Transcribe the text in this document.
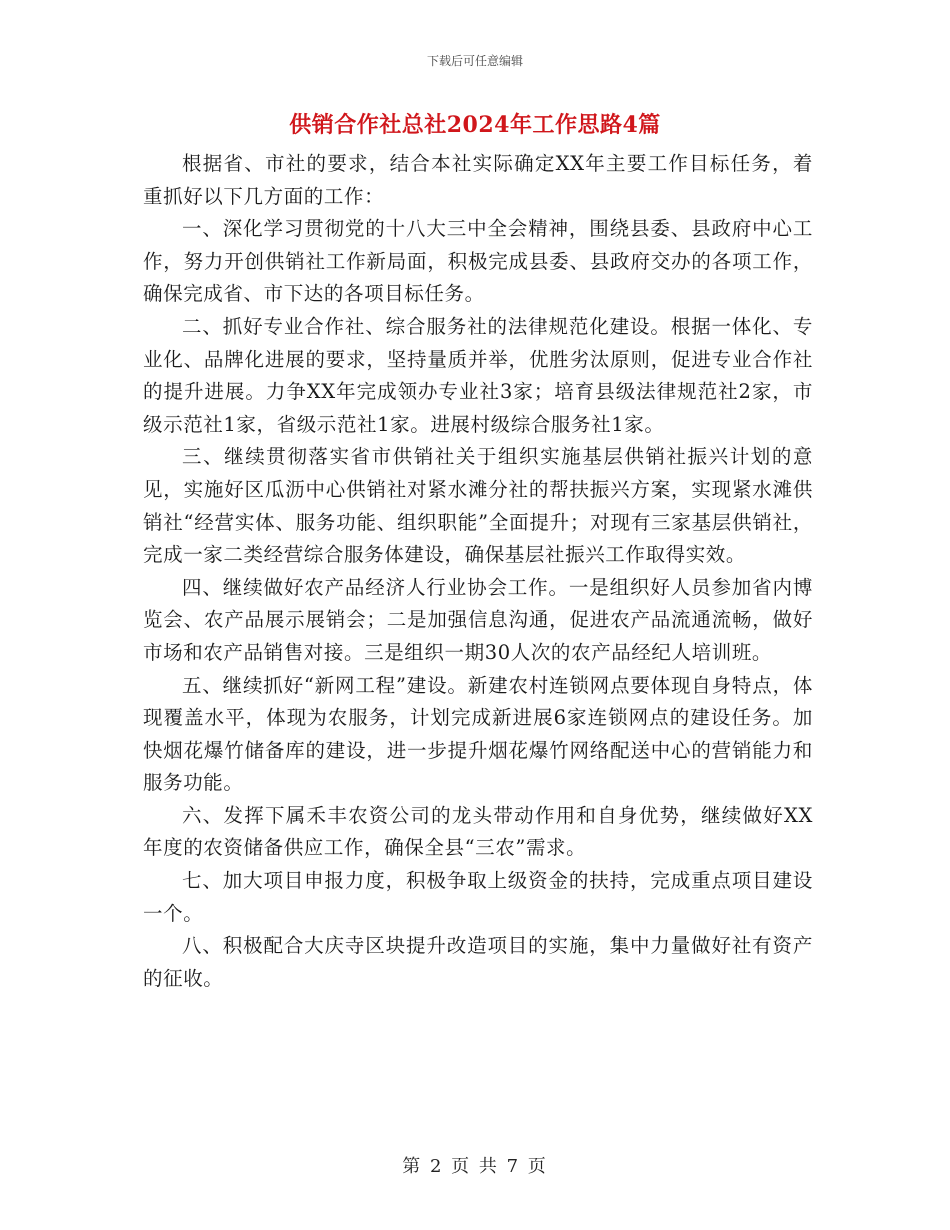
下载后可任意编辑
供销合作社总社2024年工作思路4篇

根据省、市社的要求，结合本社实际确定XX年主要工作目标任务，着重抓好以下几方面的工作：

一、深化学习贯彻党的十八大三中全会精神，围绕县委、县政府中心工作，努力开创供销社工作新局面，积极完成县委、县政府交办的各项工作，确保完成省、市下达的各项目标任务。

二、抓好专业合作社、综合服务社的法律规范化建设。根据一体化、专业化、品牌化进展的要求，坚持量质并举，优胜劣汰原则，促进专业合作社的提升进展。力争XX年完成领办专业社3家；培育县级法律规范社2家，市级示范社1家，省级示范社1家。进展村级综合服务社1家。

三、继续贯彻落实省市供销社关于组织实施基层供销社振兴计划的意见，实施好区瓜沥中心供销社对紧水滩分社的帮扶振兴方案，实现紧水滩供销社“经营实体、服务功能、组织职能”全面提升；对现有三家基层供销社，完成一家二类经营综合服务体建设，确保基层社振兴工作取得实效。

四、继续做好农产品经济人行业协会工作。一是组织好人员参加省内博览会、农产品展示展销会；二是加强信息沟通，促进农产品流通流畅，做好市场和农产品销售对接。三是组织一期30人次的农产品经纪人培训班。

五、继续抓好“新网工程”建设。新建农村连锁网点要体现自身特点，体现覆盖水平，体现为农服务，计划完成新进展6家连锁网点的建设任务。加快烟花爆竹储备库的建设，进一步提升烟花爆竹网络配送中心的营销能力和服务功能。

六、发挥下属禾丰农资公司的龙头带动作用和自身优势，继续做好XX年度的农资储备供应工作，确保全县“三农”需求。

七、加大项目申报力度，积极争取上级资金的扶持，完成重点项目建设一个。

八、积极配合大庆寺区块提升改造项目的实施，集中力量做好社有资产的征收。

第 2 页 共 7 页
